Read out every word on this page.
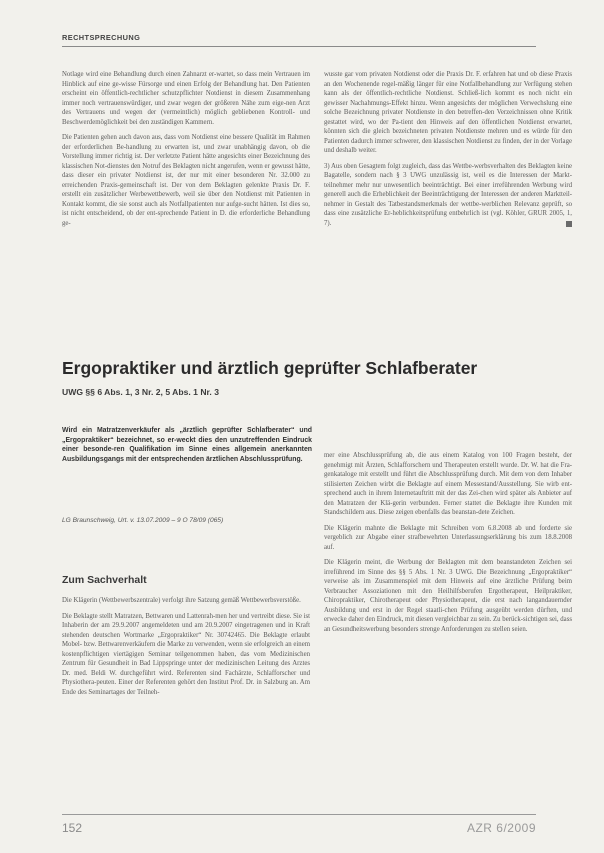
RECHTSPRECHUNG

Notlage wird eine Behandlung durch einen Zahnarzt er-wartet, so dass mein Vertrauen im Hinblick auf eine ge-wisse Fürsorge und einen Erfolg der Behandlung hat. Den Patienten erscheint ein öffentlich-rechtlicher schutzpflichter Notdienst in diesem Zusammenhang immer noch vertrauenswürdiger, und zwar wegen der größeren Nähe zum eige-nen Arzt des Vertrauens und wegen der (vermeintlich) möglich gebliebenen Kontroll- und Beschwerdemöglichkeit bei den zuständigen Kammern.

Die Patienten gehen auch davon aus, dass vom Notdienst eine bessere Qualität im Rahmen der erforderlichen Be-handlung zu erwarten ist, und zwar unabhängig davon, ob die Vorstellung immer richtig ist. Der verletzte Patient hätte angesichts einer Bezeichnung des klassischen Not-dienstes den Notruf des Beklagten nicht angerufen, wenn er gewusst hätte, dass dieser ein privater Notdienst ist, der nur mit einer besonderen Nr. 32.000 zu erreichenden Praxis-gemeinschaft ist. Der von dem Beklagten gelenkte Praxis Dr. F. erstellt ein zusätzlicher Werbewettbewerb, weil sie über den Notdienst mit Patienten in Kontakt kommt, die sie sonst auch als Notfallpatienten nur aufge-sucht hätten. Ist dies so, ist nicht entscheidend, ob der ent-sprechende Patient in D. die erforderliche Behandlung ge-

wusste gar vom privaten Notdienst oder die Praxis Dr. F. erfahren hat und ob diese Praxis an den Wochenende regel-mäßig länger für eine Notfallbehandlung zur Verfügung stehen kann als der öffentlich-rechtliche Notdienst. Schließ-lich kommt es noch nicht ein gewisser Nachahmungs-Effekt hinzu. Wenn angesichts der möglichen Verwechslung eine solche Bezeichnung privater Notdienste in den betreffen-den Verzeichnissen ohne Kritik gestattet wird, wo der Pa-tient den Hinweis auf den öffentlichen Notdienst erwartet, könnten sich die gleich bezeichneten privaten Notdienste mehren und es würde für den Patienten dadurch immer schwerer, den klassischen Notdienst zu finden, der in der Vorlage und deshalb weiter.

3) Aus oben Gesagtem folgt zugleich, dass das Wettbe-werbsverhalten des Beklagten keine Bagatelle, sondern nach § 3 UWG unzulässig ist, weil es die Interessen der Markt-teilnehmer mehr nur unwesentlich beeinträchtigt. Bei einer irreführenden Werbung wird generell auch die Erheblichkeit der Beeinträchtigung der Interessen der anderen Marktteil-nehmer in Gestalt des Tatbestandsmerkmals der wettbe-werblichen Relevanz geprüft, so dass eine zusätzliche Er-heblichkeitsprüfung entbehrlich ist (vgl. Köhler, GRUR 2005, 1, 7).

Ergopraktiker und ärztlich geprüfter Schlafberater
UWG §§ 6 Abs. 1, 3 Nr. 2, 5 Abs. 1 Nr. 3
Wird ein Matratzenverkäufer als „ärztlich geprüfter Schlafberater“ und „Ergopraktiker“ bezeichnet, so er-weckt dies den unzutreffenden Eindruck einer besonde-ren Qualifikation im Sinne eines allgemein anerkannten Ausbildungsgangs mit der entsprechenden ärztlichen Abschlussprüfung.
LG Braunschweig, Urt. v. 13.07.2009 – 9 O 78/09 (065)
Zum Sachverhalt

Die Klägerin (Wettbewerbszentrale) verfolgt ihre Satzung gemäß Wettbewerbsverstöße.

Die Beklagte stellt Matratzen, Bettwaren und Lattenrah-men her und vertreibt diese. Sie ist Inhaberin der am 29.9.2007 angemeldeten und am 20.9.2007 eingetragenen und in Kraft stehenden deutschen Wortmarke „Ergopraktiker“ Nr. 30742465. Die Beklagte erlaubt Mobel- bzw. Bettwarenverkäufern die Marke zu verwenden, wenn sie erfolgreich an einem kostenpflichtigen viertägigen Seminar teilgenommen haben, das vom Medizinischen Zentrum für Gesundheit in Bad Lippspringe unter der medizinischen Leitung des Arztes Dr. med. Beldi W. durchgeführt wird. Referenten sind Fachärzte, Schlafforscher und Physiothera-peuten. Einer der Referenten gehört den Institut Prof. Dr. in Salzburg an. Am Ende des Seminartages der Teilneh-

mer eine Abschlussprüfung ab, die aus einem Katalog von 100 Fragen besteht, der genehmigt mit Ärzten, Schlafforschern und Therapeuten erstellt wurde. Dr. W. hat die Fra-genkataloge mit erstellt und führt die Abschlussprüfung durch. Mit dem von dem Inhaber stilisierten Zeichen wirbt die Beklagte auf einem Messestand/Ausstellung. Sie wirb ent-sprechend auch in ihrem Internetauftritt mit der das Zei-chen wird später als Anbieter auf den Matratzen der Klä-gerin verbunden. Ferner stattet die Beklagte ihre Kunden mit Standschildern aus. Diese zeigen ebenfalls das beanstan-dete Zeichen.

Die Klägerin mahnte die Beklagte mit Schreiben vom 6.8.2008 ab und forderte sie vergeblich zur Abgabe einer strafbewehrten Unterlassungserklärung bis zum 18.8.2008 auf.

Die Klägerin meint, die Werbung der Beklagten mit dem beanstandeten Zeichen sei irreführend im Sinne des §§ 5 Abs. 1 Nr. 3 UWG. Die Bezeichnung „Ergopraktiker“ verweise als im Zusammenspiel mit dem Hinweis auf eine ärztliche Prüfung beim Verbraucher Assoziationen mit den Heilhilfsberufen Ergotherapeut, Heilpraktiker, Chiropraktiker, Chirotherapeut oder Physiotherapeut, die erst nach langandauernder Ausbildung und erst in der Regel staatli-chen Prüfung ausgeübt werden dürften, und erwecke daher den Eindruck, mit diesen vergleichbar zu sein. Zu berück-sichtigen sei, dass an Gesundheitswerbung besonders strenge Anforderungen zu stellen seien.

152	AZR 6/2009
